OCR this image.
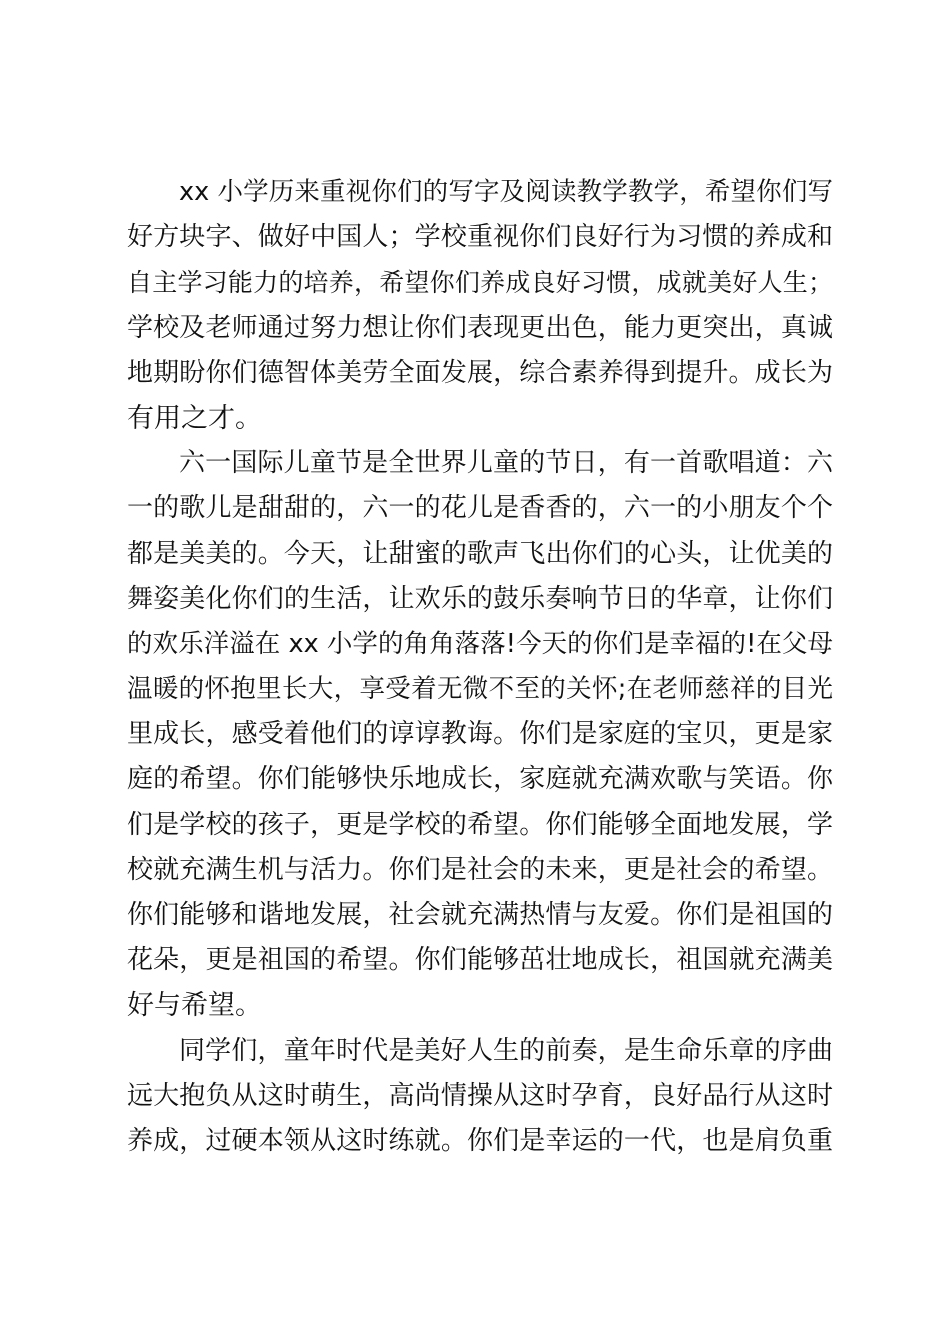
xx 小学历来重视你们的写字及阅读教学教学，希望你们写
好方块字、做好中国人；学校重视你们良好行为习惯的养成和
自主学习能力的培养，希望你们养成良好习惯，成就美好人生；
学校及老师通过努力想让你们表现更出色，能力更突出，真诚
地期盼你们德智体美劳全面发展，综合素养得到提升。成长为
有用之才。
六一国际儿童节是全世界儿童的节日，有一首歌唱道：六
一的歌儿是甜甜的，六一的花儿是香香的，六一的小朋友个个
都是美美的。今天，让甜蜜的歌声飞出你们的心头，让优美的
舞姿美化你们的生活，让欢乐的鼓乐奏响节日的华章，让你们
的欢乐洋溢在 xx 小学的角角落落!今天的你们是幸福的!在父母
温暖的怀抱里长大，享受着无微不至的关怀;在老师慈祥的目光
里成长，感受着他们的谆谆教诲。你们是家庭的宝贝，更是家
庭的希望。你们能够快乐地成长，家庭就充满欢歌与笑语。你
们是学校的孩子，更是学校的希望。你们能够全面地发展，学
校就充满生机与活力。你们是社会的未来，更是社会的希望。
你们能够和谐地发展，社会就充满热情与友爱。你们是祖国的
花朵，更是祖国的希望。你们能够茁壮地成长，祖国就充满美
好与希望。
同学们，童年时代是美好人生的前奏，是生命乐章的序曲
远大抱负从这时萌生，高尚情操从这时孕育，良好品行从这时
养成，过硬本领从这时练就。你们是幸运的一代，也是肩负重
